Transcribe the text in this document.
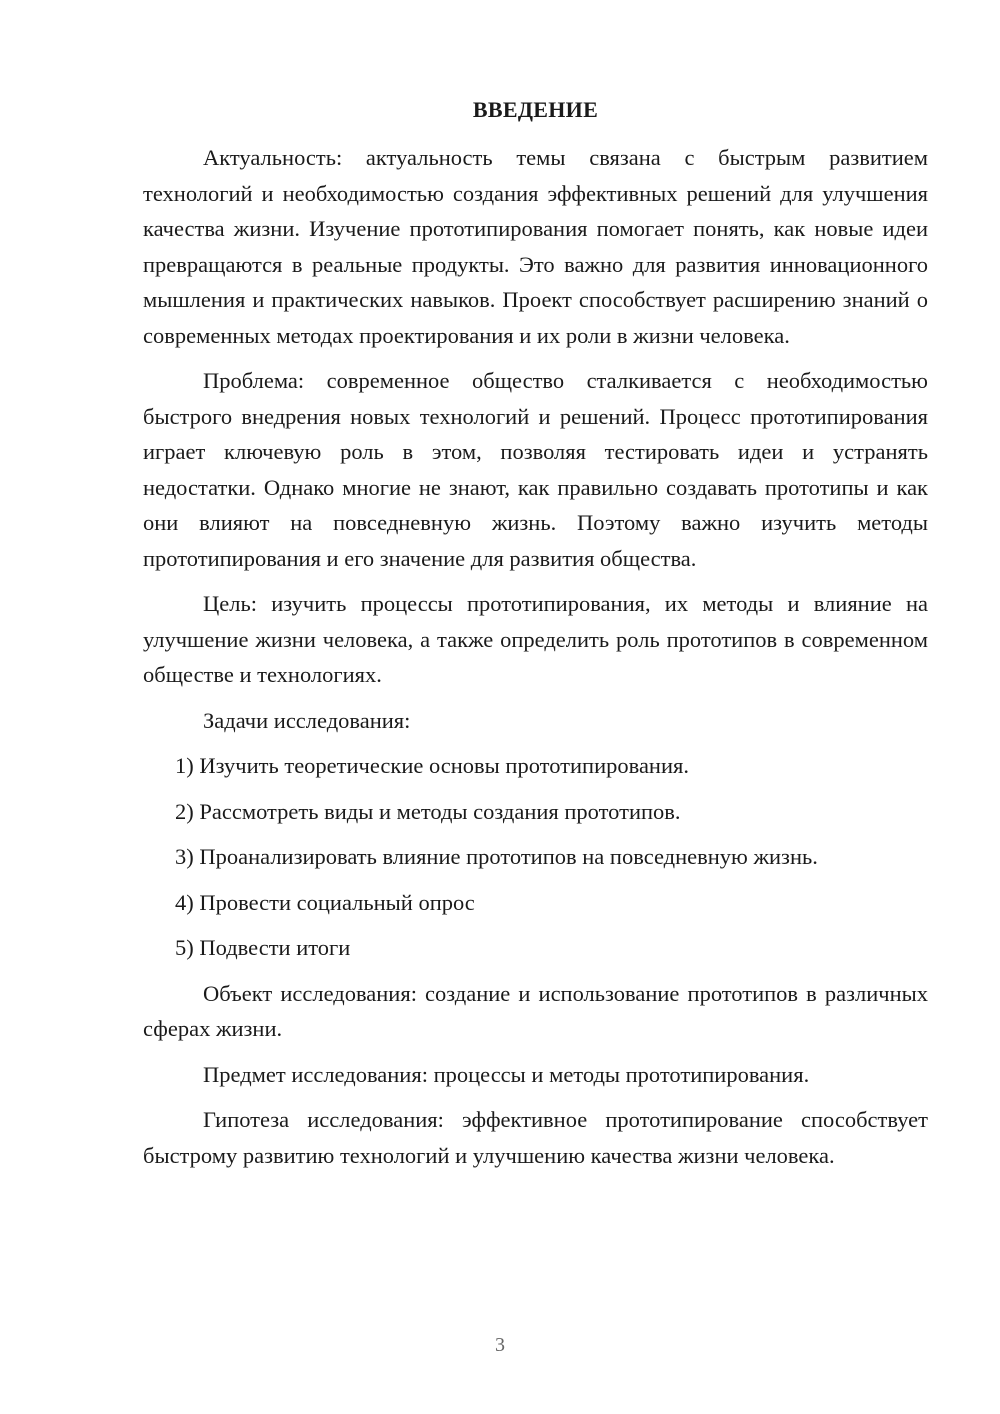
ВВЕДЕНИЕ

Актуальность: актуальность темы связана с быстрым развитием технологий и необходимостью создания эффективных решений для улучшения качества жизни. Изучение прототипирования помогает понять, как новые идеи превращаются в реальные продукты. Это важно для развития инновационного мышления и практических навыков. Проект способствует расширению знаний о современных методах проектирования и их роли в жизни человека.

Проблема: современное общество сталкивается с необходимостью быстрого внедрения новых технологий и решений. Процесс прототипирования играет ключевую роль в этом, позволяя тестировать идеи и устранять недостатки. Однако многие не знают, как правильно создавать прототипы и как они влияют на повседневную жизнь. Поэтому важно изучить методы прототипирования и его значение для развития общества.

Цель: изучить процессы прототипирования, их методы и влияние на улучшение жизни человека, а также определить роль прототипов в современном обществе и технологиях.

Задачи исследования:

1) Изучить теоретические основы прототипирования.
2) Рассмотреть виды и методы создания прототипов.
3) Проанализировать влияние прототипов на повседневную жизнь.
4) Провести социальный опрос
5) Подвести итоги

Объект исследования: создание и использование прототипов в различных сферах жизни.

Предмет исследования: процессы и методы прототипирования.

Гипотеза исследования: эффективное прототипирование способствует быстрому развитию технологий и улучшению качества жизни человека.

3
